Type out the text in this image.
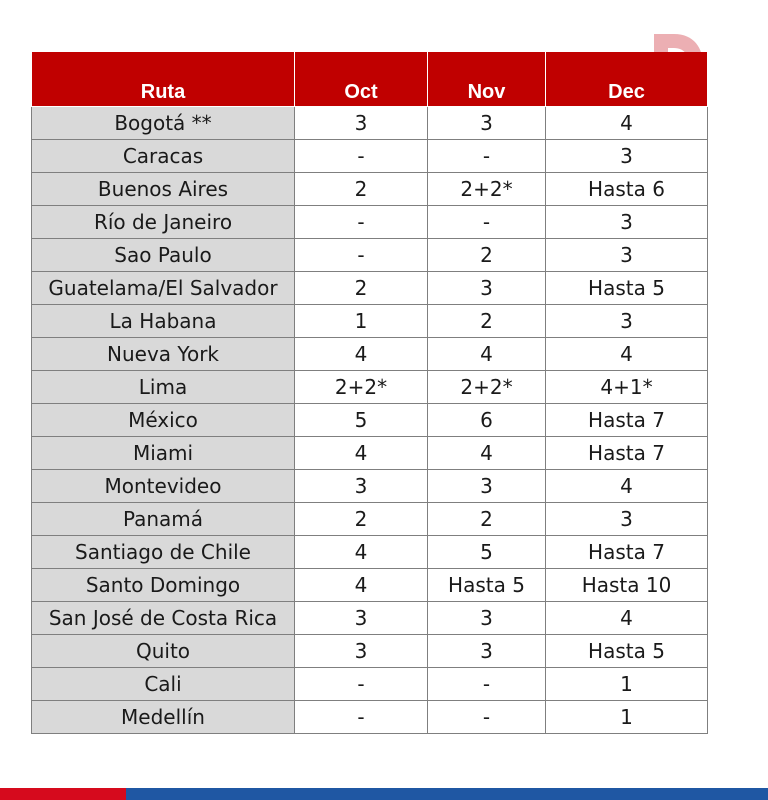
Ruta	Oct	Nov	Dec
Bogotá **	3	3	4
Caracas	-	-	3
Buenos Aires	2	2+2*	Hasta 6
Río de Janeiro	-	-	3
Sao Paulo	-	2	3
Guatelama/El Salvador	2	3	Hasta 5
La Habana	1	2	3
Nueva York	4	4	4
Lima	2+2*	2+2*	4+1*
México	5	6	Hasta 7
Miami	4	4	Hasta 7
Montevideo	3	3	4
Panamá	2	2	3
Santiago de Chile	4	5	Hasta 7
Santo Domingo	4	Hasta 5	Hasta 10
San José de Costa Rica	3	3	4
Quito	3	3	Hasta 5
Cali	-	-	1
Medellín	-	-	1
